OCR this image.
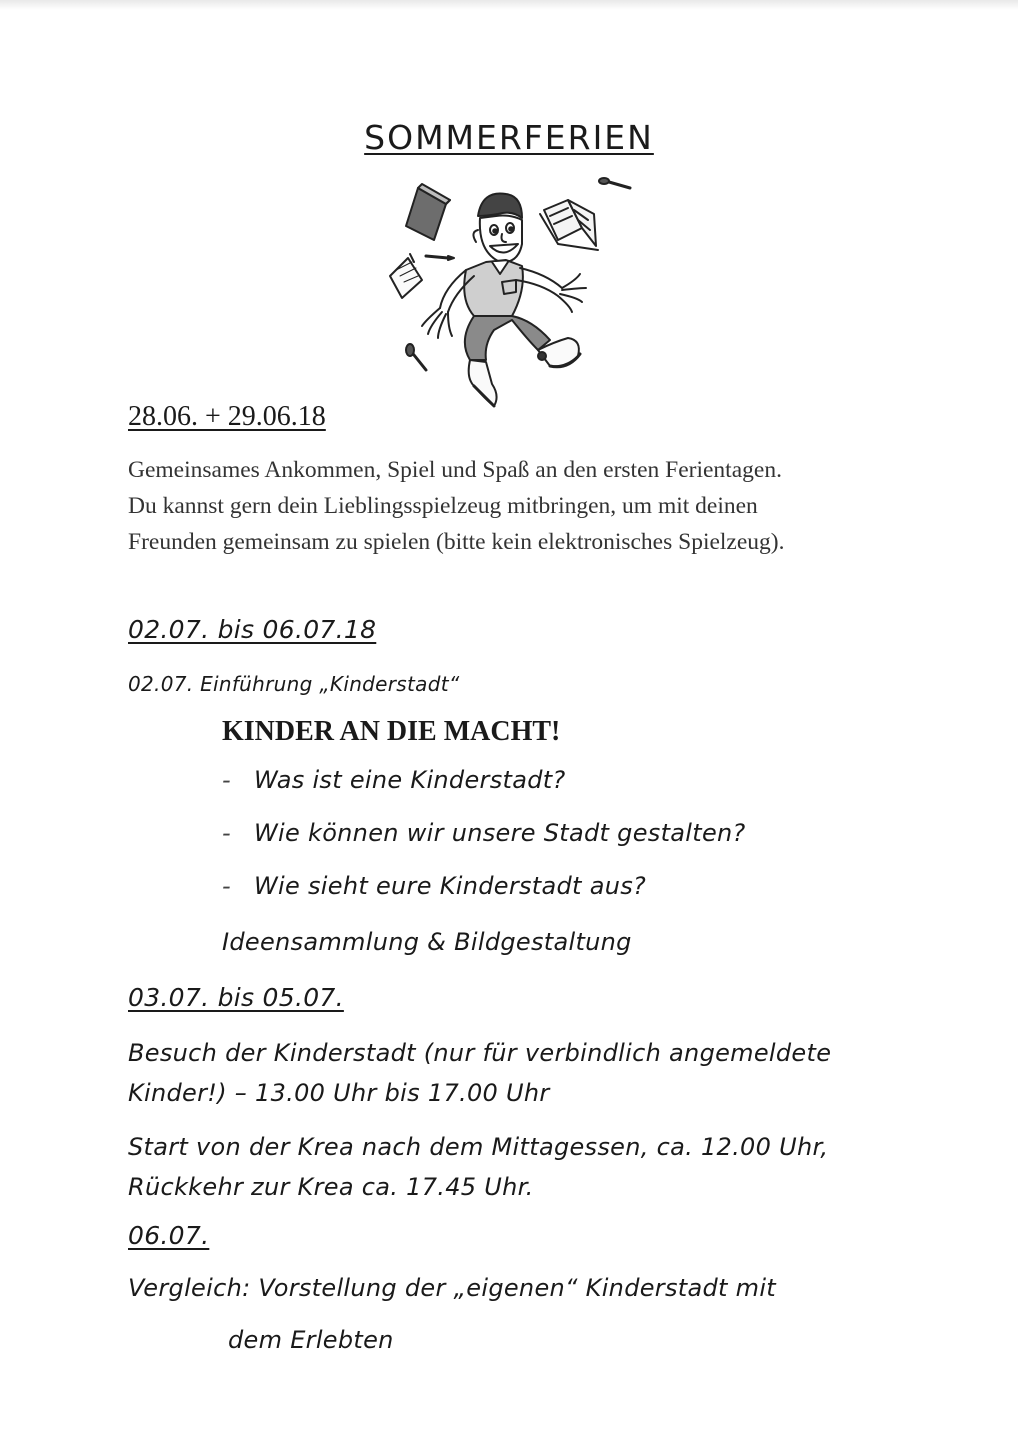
SOMMERFERIEN
28.06. + 29.06.18
Gemeinsames Ankommen, Spiel und Spaß an den ersten Ferientagen.
Du kannst gern dein Lieblingsspielzeug mitbringen, um mit deinen
Freunden gemeinsam zu spielen (bitte kein elektronisches Spielzeug).
02.07. bis 06.07.18
02.07. Einführung „Kinderstadt“
KINDER AN DIE MACHT!
- Was ist eine Kinderstadt?
- Wie können wir unsere Stadt gestalten?
- Wie sieht eure Kinderstadt aus?
Ideensammlung & Bildgestaltung
03.07. bis 05.07.
Besuch der Kinderstadt (nur für verbindlich angemeldete
Kinder!) – 13.00 Uhr bis 17.00 Uhr
Start von der Krea nach dem Mittagessen, ca. 12.00 Uhr,
Rückkehr zur Krea ca. 17.45 Uhr.
06.07.
Vergleich: Vorstellung der „eigenen“ Kinderstadt mit
dem Erlebten
